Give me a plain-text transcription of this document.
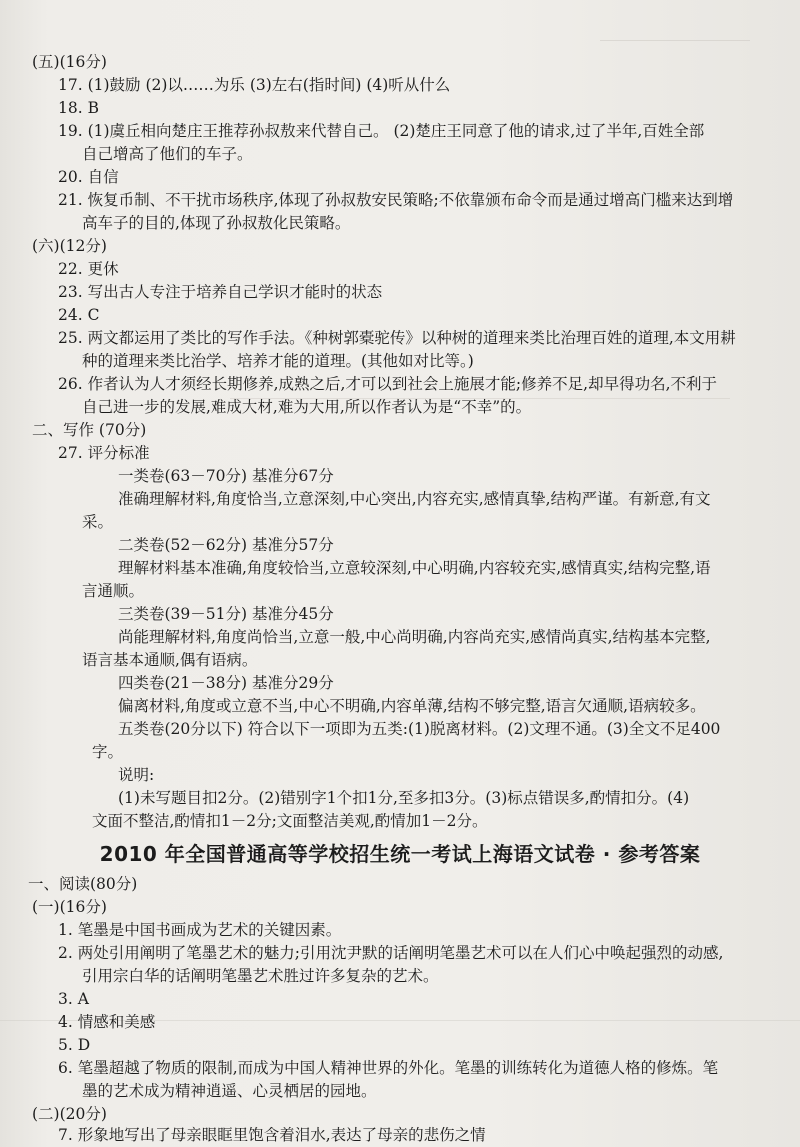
(五)(16分)
17. (1)鼓励 (2)以……为乐 (3)左右(指时间) (4)听从什么
18. B
19. (1)虞丘相向楚庄王推荐孙叔敖来代替自己。 (2)楚庄王同意了他的请求,过了半年,百姓全部
自己增高了他们的车子。
20. 自信
21. 恢复币制、不干扰市场秩序,体现了孙叔敖安民策略;不依靠颁布命令而是通过增高门槛来达到增
高车子的目的,体现了孙叔敖化民策略。
(六)(12分)
22. 更休
23. 写出古人专注于培养自己学识才能时的状态
24. C
25. 两文都运用了类比的写作手法。《种树郭橐驼传》以种树的道理来类比治理百姓的道理,本文用耕
种的道理来类比治学、培养才能的道理。(其他如对比等。)
26. 作者认为人才须经长期修养,成熟之后,才可以到社会上施展才能;修养不足,却早得功名,不利于
自己进一步的发展,难成大材,难为大用,所以作者认为是“不幸”的。
二、写作 (70分)
27. 评分标准
一类卷(63－70分) 基准分67分
准确理解材料,角度恰当,立意深刻,中心突出,内容充实,感情真挚,结构严谨。有新意,有文
采。
二类卷(52－62分) 基准分57分
理解材料基本准确,角度较恰当,立意较深刻,中心明确,内容较充实,感情真实,结构完整,语
言通顺。
三类卷(39－51分) 基准分45分
尚能理解材料,角度尚恰当,立意一般,中心尚明确,内容尚充实,感情尚真实,结构基本完整,
语言基本通顺,偶有语病。
四类卷(21－38分) 基准分29分
偏离材料,角度或立意不当,中心不明确,内容单薄,结构不够完整,语言欠通顺,语病较多。
五类卷(20分以下) 符合以下一项即为五类:(1)脱离材料。(2)文理不通。(3)全文不足400
字。
说明:
(1)未写题目扣2分。(2)错别字1个扣1分,至多扣3分。(3)标点错误多,酌情扣分。(4)
文面不整洁,酌情扣1－2分;文面整洁美观,酌情加1－2分。
2010 年全国普通高等学校招生统一考试上海语文试卷 · 参考答案
一、阅读(80分)
(一)(16分)
1. 笔墨是中国书画成为艺术的关键因素。
2. 两处引用阐明了笔墨艺术的魅力;引用沈尹默的话阐明笔墨艺术可以在人们心中唤起强烈的动感,
引用宗白华的话阐明笔墨艺术胜过许多复杂的艺术。
3. A
4. 情感和美感
5. D
6. 笔墨超越了物质的限制,而成为中国人精神世界的外化。笔墨的训练转化为道德人格的修炼。笔
墨的艺术成为精神逍遥、心灵栖居的园地。
(二)(20分)
7. 形象地写出了母亲眼眶里饱含着泪水,表达了母亲的悲伤之情
